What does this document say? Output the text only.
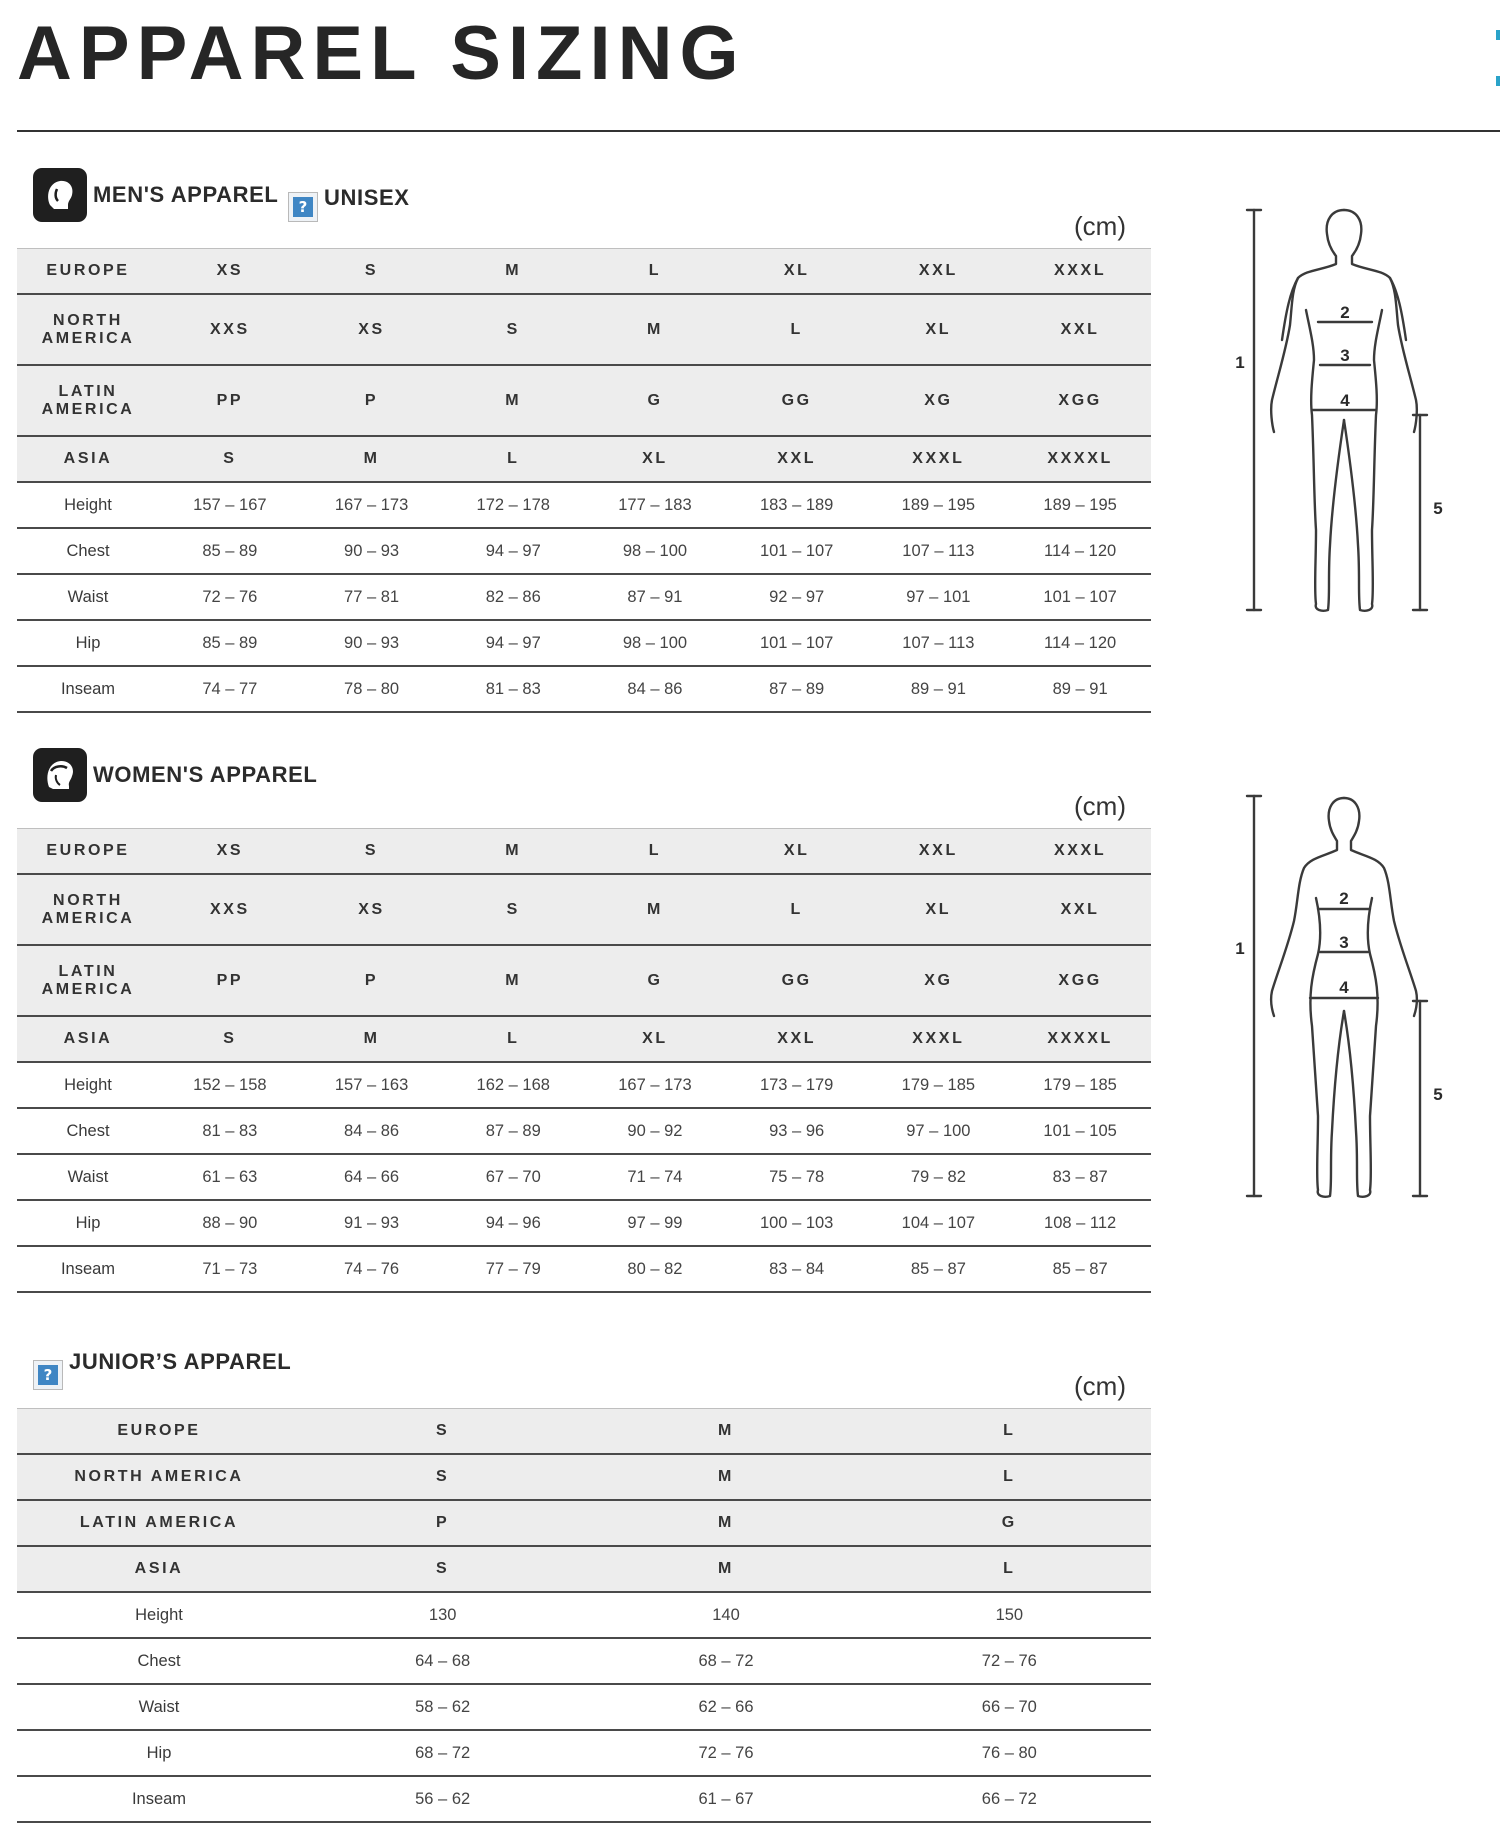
APPAREL SIZING
MEN'S APPAREL	? UNISEX
(cm)
EUROPE	XS	S	M	L	XL	XXL	XXXL
NORTH AMERICA	XXS	XS	S	M	L	XL	XXL
LATIN AMERICA	PP	P	M	G	GG	XG	XGG
ASIA	S	M	L	XL	XXL	XXXL	XXXXL
Height	157 – 167	167 – 173	172 – 178	177 – 183	183 – 189	189 – 195	189 – 195
Chest	85 – 89	90 – 93	94 – 97	98 – 100	101 – 107	107 – 113	114 – 120
Waist	72 – 76	77 – 81	82 – 86	87 – 91	92 – 97	97 – 101	101 – 107
Hip	85 – 89	90 – 93	94 – 97	98 – 100	101 – 107	107 – 113	114 – 120
Inseam	74 – 77	78 – 80	81 – 83	84 – 86	87 – 89	89 – 91	89 – 91
WOMEN'S APPAREL
(cm)
EUROPE	XS	S	M	L	XL	XXL	XXXL
NORTH AMERICA	XXS	XS	S	M	L	XL	XXL
LATIN AMERICA	PP	P	M	G	GG	XG	XGG
ASIA	S	M	L	XL	XXL	XXXL	XXXXL
Height	152 – 158	157 – 163	162 – 168	167 – 173	173 – 179	179 – 185	179 – 185
Chest	81 – 83	84 – 86	87 – 89	90 – 92	93 – 96	97 – 100	101 – 105
Waist	61 – 63	64 – 66	67 – 70	71 – 74	75 – 78	79 – 82	83 – 87
Hip	88 – 90	91 – 93	94 – 96	97 – 99	100 – 103	104 – 107	108 – 112
Inseam	71 – 73	74 – 76	77 – 79	80 – 82	83 – 84	85 – 87	85 – 87
?
JUNIOR’S APPAREL
(cm)
EUROPE	S	M	L
NORTH AMERICA	S	M	L
LATIN AMERICA	P	M	G
ASIA	S	M	L
Height	130	140	150
Chest	64 – 68	68 – 72	72 – 76
Waist	58 – 62	62 – 66	66 – 70
Hip	68 – 72	72 – 76	76 – 80
Inseam	56 – 62	61 – 67	66 – 72
1
2
3
4
5
1
2
3
4
5
